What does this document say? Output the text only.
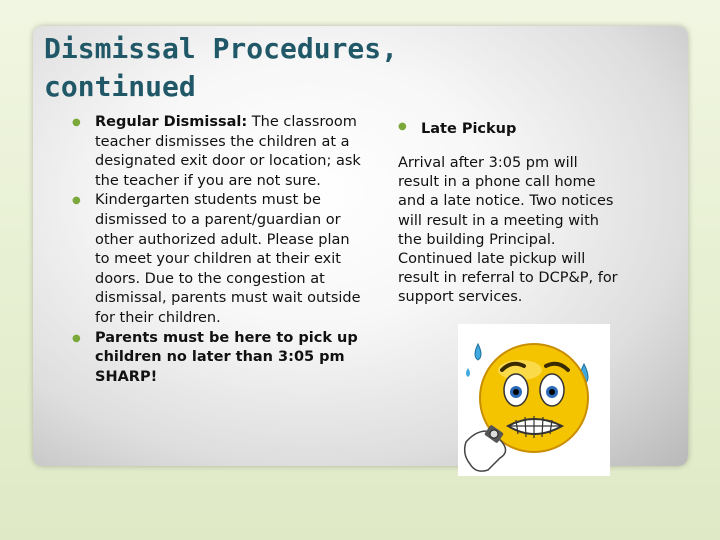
Dismissal Procedures,
continued
● Regular Dismissal: The classroom teacher dismisses the children at a designated exit door or location; ask the teacher if you are not sure.
● Kindergarten students must be dismissed to a parent/guardian or other authorized adult. Please plan to meet your children at their exit doors. Due to the congestion at dismissal, parents must wait outside for their children.
● Parents must be here to pick up children no later than 3:05 pm SHARP!
● Late Pickup

Arrival after 3:05 pm will
result in a phone call home
and a late notice. Two notices
will result in a meeting with
the building Principal.
Continued late pickup will
result in referral to DCP&P, for
support services.
